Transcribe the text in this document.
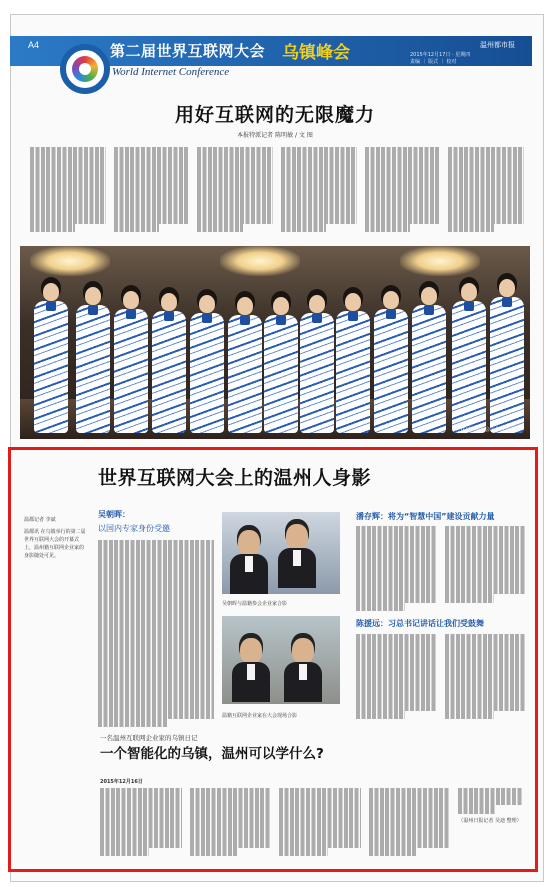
A4	第二届世界互联网大会 乌镇峰会
World Internet Conference
温州都市报
2015年12月17日 · 星期四
责编 ｜ 版式 ｜ 校对
用好互联网的无限魔力
本报特派记者 陈明敏 / 文 图
世界互联网大会工作人员合影
世界互联网大会上的温州人身影
温都记者 李斌
温都讯 在乌镇举行的第二届世界互联网大会的开幕式上，温州籍互联网企业家的身影随处可见。
吴朝晖：
以国内专家身份受邀
吴朝晖与温籍参会企业家合影
温籍互联网企业家在大会现场合影
潘存辉：将为“智慧中国”建设贡献力量
陈援远：习总书记讲话让我们受鼓舞
一名温州互联网企业家的乌镇日记
一个智能化的乌镇，温州可以学什么?
2015年12月16日
（温州日报记者 吴迪 整理）
